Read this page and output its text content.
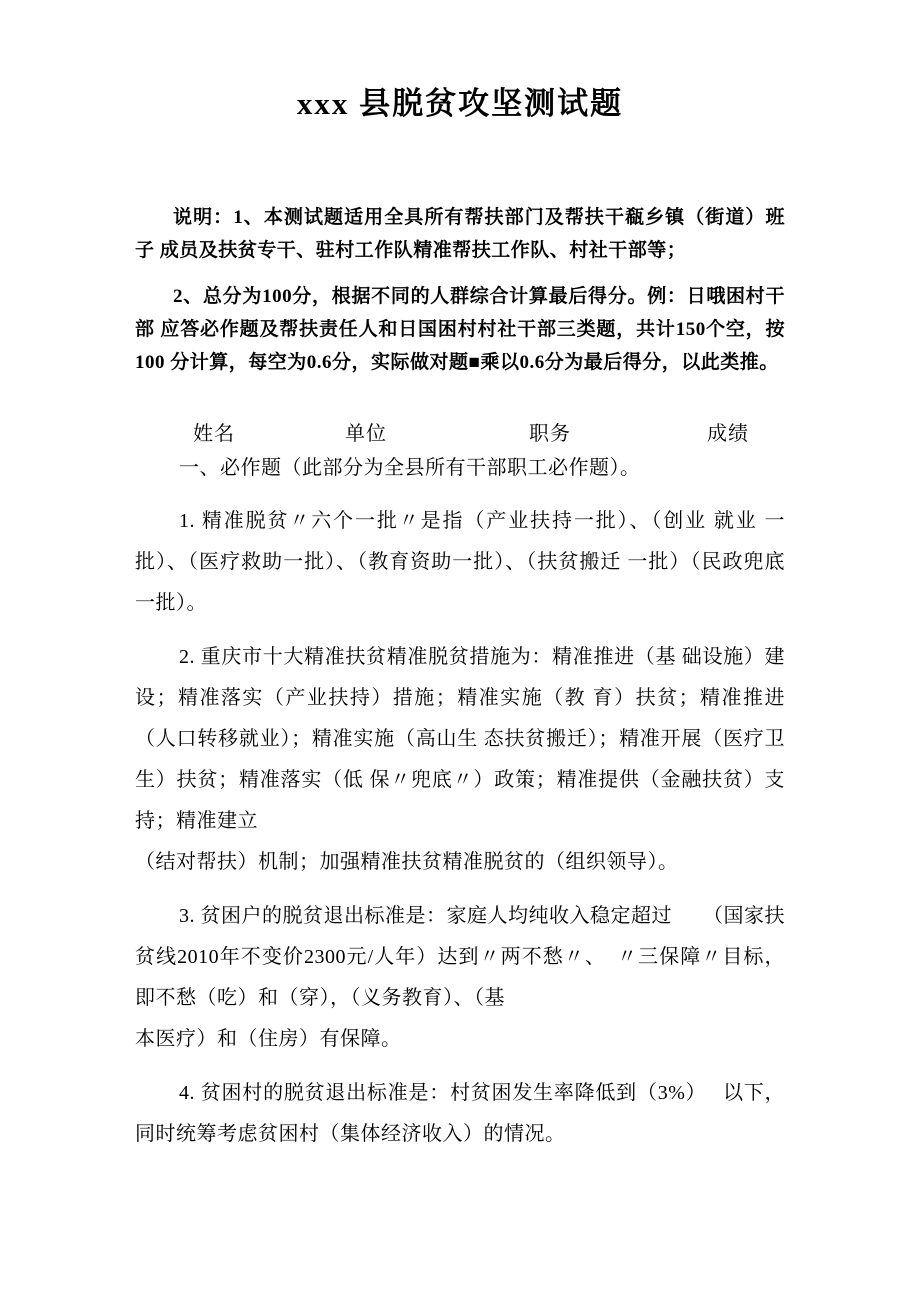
xxx 县脱贫攻坚测试题

说明：1、本测试题适用全具所有帮扶部门及帮扶干瓻乡镇（街道）班子 成员及扶贫专干、驻村工作队精准帮扶工作队、村社干部等；

2、总分为100分，根据不同的人群综合计算最后得分。例：日哦困村干部 应答必作题及帮扶责任人和日国困村村社干部三类题，共计150个空，按100 分计算，每空为0.6分，实际做对题■乘以0.6分为最后得分，以此类推。

姓名	单位	职务	成绩

一、必作题（此部分为全县所有干部职工必作题）。

1. 精准脱贫〃六个一批〃是指（产业扶持一批）、（创业 就业 一批）、（医疗救助一批）、（教育资助一批）、（扶贫搬迁 一批）（民政兜底一批）。

2. 重庆市十大精准扶贫精准脱贫措施为：精准推进（基 础设施）建设；精准落实（产业扶持）措施；精准实施（教 育）扶贫；精准推进（人口转移就业）；精准实施（高山生 态扶贫搬迁）；精准开展（医疗卫生）扶贫；精准落实（低 保〃兜底〃）政策；精准提供（金融扶贫）支持；精准建立

（结对帮扶）机制；加强精准扶贫精准脱贫的（组织领导）。

3. 贫困户的脱贫退出标准是：家庭人均纯收入稳定超过　　（国家扶贫线2010年不变价2300元/人年）达到〃两不愁〃、　〃三保障〃目标，即不愁（吃）和（穿），（义务教育）、（基

本医疗）和（住房）有保障。

4. 贫困村的脱贫退出标准是：村贫困发生率降低到（3%）　 以下，同时统筹考虑贫困村（集体经济收入）的情况。
